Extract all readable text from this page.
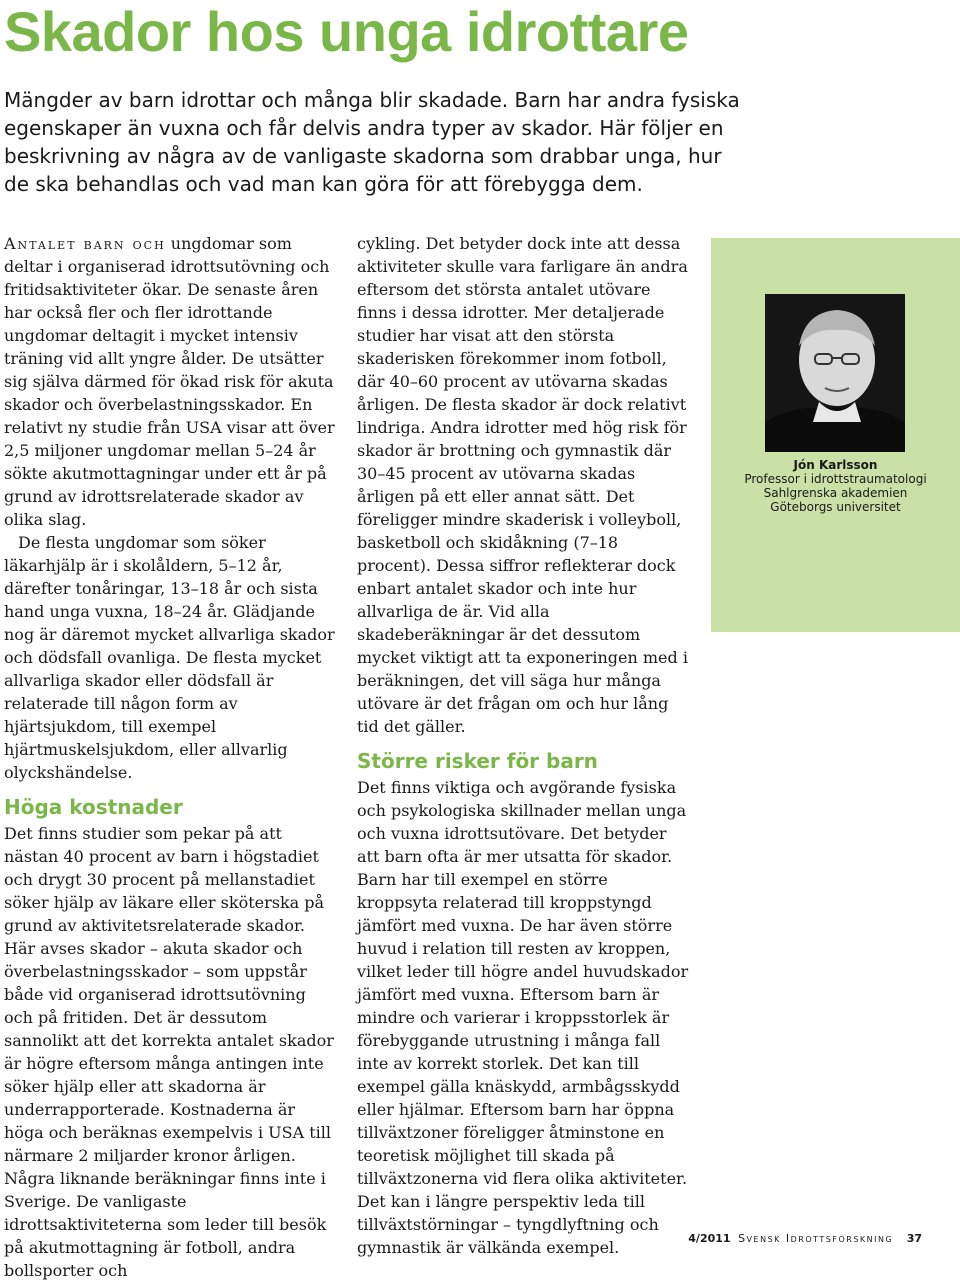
Skador hos unga idrottare

Mängder av barn idrottar och många blir skadade. Barn har andra fysiska egenskaper än vuxna och får delvis andra typer av skador. Här följer en beskrivning av några av de vanligaste skadorna som drabbar unga, hur de ska behandlas och vad man kan göra för att förebygga dem.

Antalet barn och ungdomar som deltar i organiserad idrottsutövning och fritidsaktiviteter ökar. De senaste åren har också fler och fler idrottande ungdomar deltagit i mycket intensiv träning vid allt yngre ålder. De utsätter sig själva därmed för ökad risk för akuta skador och överbelastningsskador. En relativt ny studie från USA visar att över 2,5 miljoner ungdomar mellan 5–24 år sökte akutmottagningar under ett år på grund av idrottsrelaterade skador av olika slag.

De flesta ungdomar som söker läkarhjälp är i skolåldern, 5–12 år, därefter tonåringar, 13–18 år och sista hand unga vuxna, 18–24 år. Glädjande nog är däremot mycket allvarliga skador och dödsfall ovanliga. De flesta mycket allvarliga skador eller dödsfall är relaterade till någon form av hjärtsjukdom, till exempel hjärtmuskelsjukdom, eller allvarlig olyckshändelse.

Höga kostnader

Det finns studier som pekar på att nästan 40 procent av barn i högstadiet och drygt 30 procent på mellanstadiet söker hjälp av läkare eller sköterska på grund av aktivitetsrelaterade skador. Här avses skador – akuta skador och överbelastningsskador – som uppstår både vid organiserad idrottsutövning och på fritiden. Det är dessutom sannolikt att det korrekta antalet skador är högre eftersom många antingen inte söker hjälp eller att skadorna är underrapporterade. Kostnaderna är höga och beräknas exempelvis i USA till närmare 2 miljarder kronor årligen. Några liknande beräkningar finns inte i Sverige. De vanligaste idrottsaktiviteterna som leder till besök på akutmottagning är fotboll, andra bollsporter och

cykling. Det betyder dock inte att dessa aktiviteter skulle vara farligare än andra eftersom det största antalet utövare finns i dessa idrotter. Mer detaljerade studier har visat att den största skaderisken förekommer inom fotboll, där 40–60 procent av utövarna skadas årligen. De flesta skador är dock relativt lindriga. Andra idrotter med hög risk för skador är brottning och gymnastik där 30–45 procent av utövarna skadas årligen på ett eller annat sätt. Det föreligger mindre skaderisk i volleyboll, basketboll och skidåkning (7–18 procent). Dessa siffror reflekterar dock enbart antalet skador och inte hur allvarliga de är. Vid alla skadeberäkningar är det dessutom mycket viktigt att ta exponeringen med i beräkningen, det vill säga hur många utövare är det frågan om och hur lång tid det gäller.

Större risker för barn

Det finns viktiga och avgörande fysiska och psykologiska skillnader mellan unga och vuxna idrottsutövare. Det betyder att barn ofta är mer utsatta för skador. Barn har till exempel en större kroppsyta relaterad till kroppstyngd jämfört med vuxna. De har även större huvud i relation till resten av kroppen, vilket leder till högre andel huvudskador jämfört med vuxna. Eftersom barn är mindre och varierar i kroppsstorlek är förebyggande utrustning i många fall inte av korrekt storlek. Det kan till exempel gälla knäskydd, armbågsskydd eller hjälmar. Eftersom barn har öppna tillväxtzoner föreligger åtminstone en teoretisk möjlighet till skada på tillväxtzonerna vid flera olika aktiviteter. Det kan i längre perspektiv leda till tillväxtstörningar – tyngdlyftning och gymnastik är välkända exempel.

Jón Karlsson
Professor i idrottstraumatologi
Sahlgrenska akademien
Göteborgs universitet
4/2011 Svensk Idrottsforskning 37
